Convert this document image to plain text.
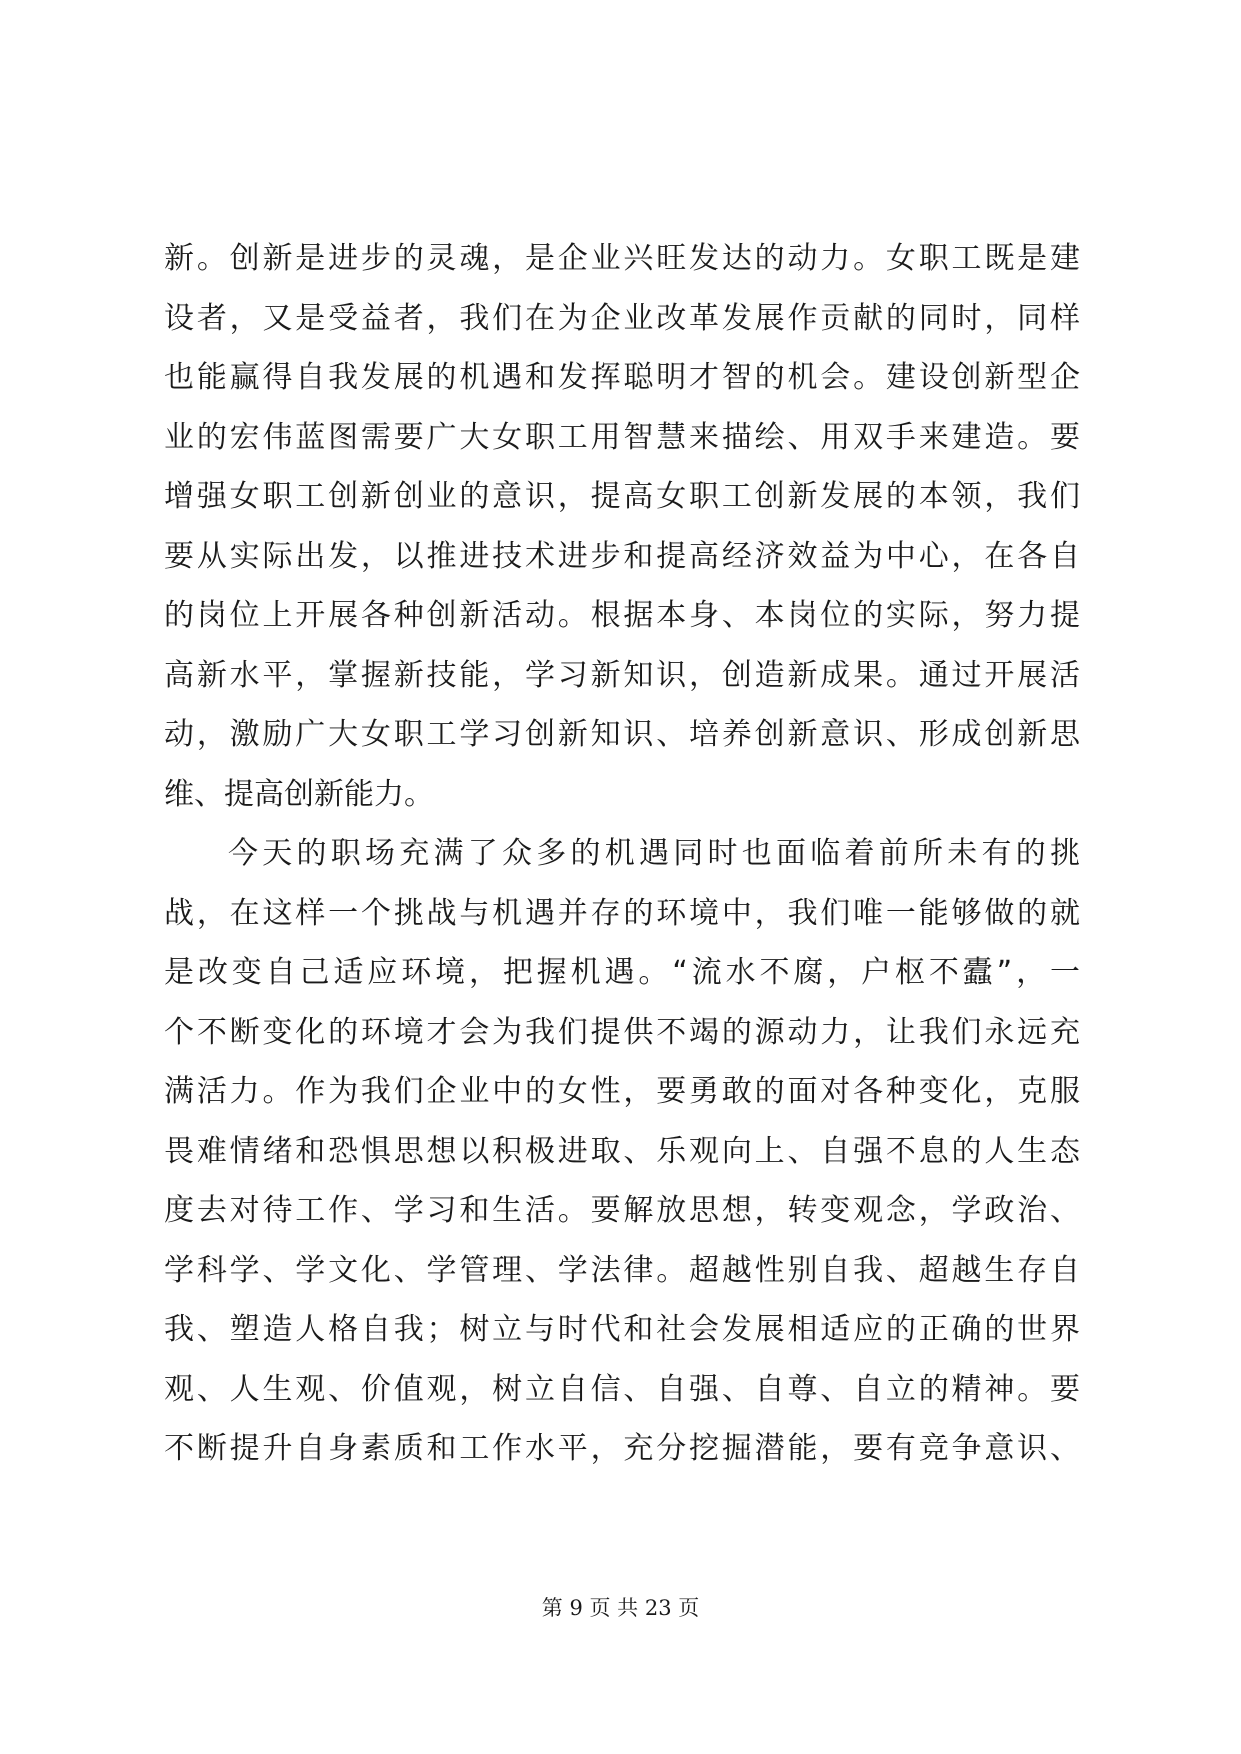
新。创新是进步的灵魂，是企业兴旺发达的动力。女职工既是建
设者，又是受益者，我们在为企业改革发展作贡献的同时，同样
也能赢得自我发展的机遇和发挥聪明才智的机会。建设创新型企
业的宏伟蓝图需要广大女职工用智慧来描绘、用双手来建造。要
增强女职工创新创业的意识，提高女职工创新发展的本领，我们
要从实际出发，以推进技术进步和提高经济效益为中心，在各自
的岗位上开展各种创新活动。根据本身、本岗位的实际，努力提
高新水平，掌握新技能，学习新知识，创造新成果。通过开展活
动，激励广大女职工学习创新知识、培养创新意识、形成创新思
维、提高创新能力。
今天的职场充满了众多的机遇同时也面临着前所未有的挑
战，在这样一个挑战与机遇并存的环境中，我们唯一能够做的就
是改变自己适应环境，把握机遇。“流水不腐，户枢不蠹”，一
个不断变化的环境才会为我们提供不竭的源动力，让我们永远充
满活力。作为我们企业中的女性，要勇敢的面对各种变化，克服
畏难情绪和恐惧思想以积极进取、乐观向上、自强不息的人生态
度去对待工作、学习和生活。要解放思想，转变观念，学政治、
学科学、学文化、学管理、学法律。超越性别自我、超越生存自
我、塑造人格自我；树立与时代和社会发展相适应的正确的世界
观、人生观、价值观，树立自信、自强、自尊、自立的精神。要
不断提升自身素质和工作水平，充分挖掘潜能，要有竞争意识、
第 9 页 共 23 页
